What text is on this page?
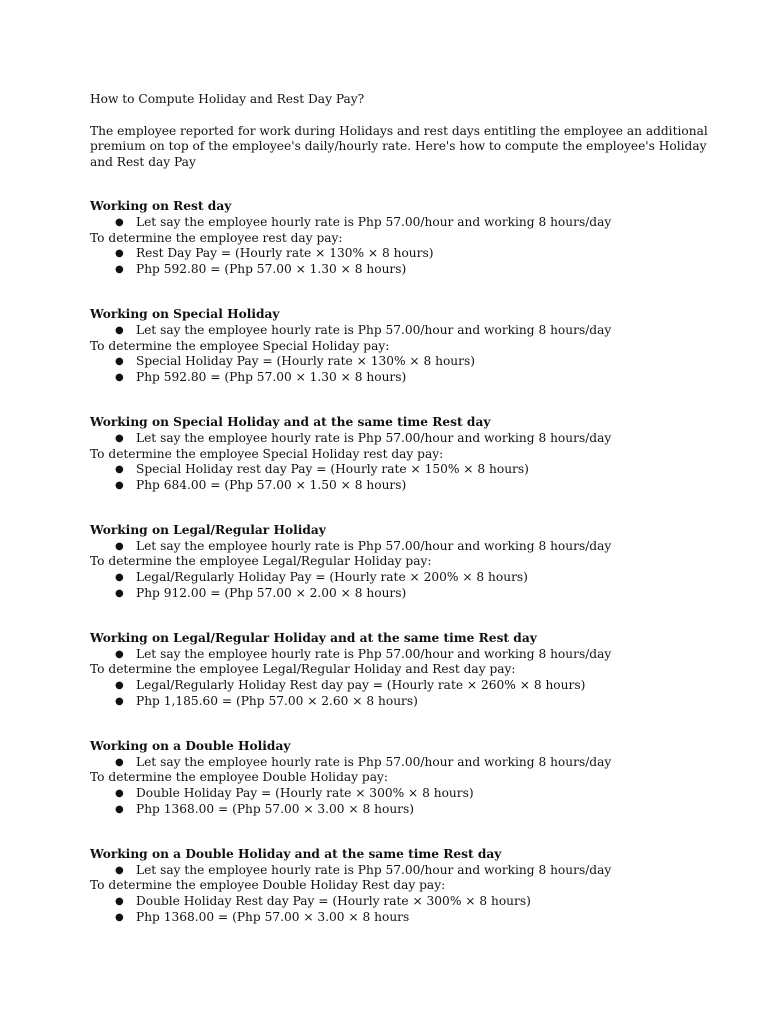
How to Compute Holiday and Rest Day Pay?

The employee reported for work during Holidays and rest days entitling the employee an additional premium on top of the employee's daily/hourly rate. Here's how to compute the employee's Holiday and Rest day Pay

Working on Rest day

● Let say the employee hourly rate is Php 57.00/hour and working 8 hours/day

To determine the employee rest day pay:

● Rest Day Pay = (Hourly rate × 130% × 8 hours)
● Php 592.80 = (Php 57.00 × 1.30 × 8 hours)

Working on Special Holiday

● Let say the employee hourly rate is Php 57.00/hour and working 8 hours/day

To determine the employee Special Holiday pay:

● Special Holiday Pay = (Hourly rate × 130% × 8 hours)
● Php 592.80 = (Php 57.00 × 1.30 × 8 hours)

Working on Special Holiday and at the same time Rest day

● Let say the employee hourly rate is Php 57.00/hour and working 8 hours/day

To determine the employee Special Holiday rest day pay:

● Special Holiday rest day Pay = (Hourly rate × 150% × 8 hours)
● Php 684.00 = (Php 57.00 × 1.50 × 8 hours)

Working on Legal/Regular Holiday

● Let say the employee hourly rate is Php 57.00/hour and working 8 hours/day

To determine the employee Legal/Regular Holiday pay:

● Legal/Regularly Holiday Pay = (Hourly rate × 200% × 8 hours)
● Php 912.00 = (Php 57.00 × 2.00 × 8 hours)

Working on Legal/Regular Holiday and at the same time Rest day

● Let say the employee hourly rate is Php 57.00/hour and working 8 hours/day

To determine the employee Legal/Regular Holiday and Rest day pay:

● Legal/Regularly Holiday Rest day pay = (Hourly rate × 260% × 8 hours)
● Php 1,185.60 = (Php 57.00 × 2.60 × 8 hours)

Working on a Double Holiday

● Let say the employee hourly rate is Php 57.00/hour and working 8 hours/day

To determine the employee Double Holiday pay:

● Double Holiday Pay = (Hourly rate × 300% × 8 hours)
● Php 1368.00 = (Php 57.00 × 3.00 × 8 hours)

Working on a Double Holiday and at the same time Rest day

● Let say the employee hourly rate is Php 57.00/hour and working 8 hours/day

To determine the employee Double Holiday Rest day pay:

● Double Holiday Rest day Pay = (Hourly rate × 300% × 8 hours)
● Php 1368.00 = (Php 57.00 × 3.00 × 8 hours
